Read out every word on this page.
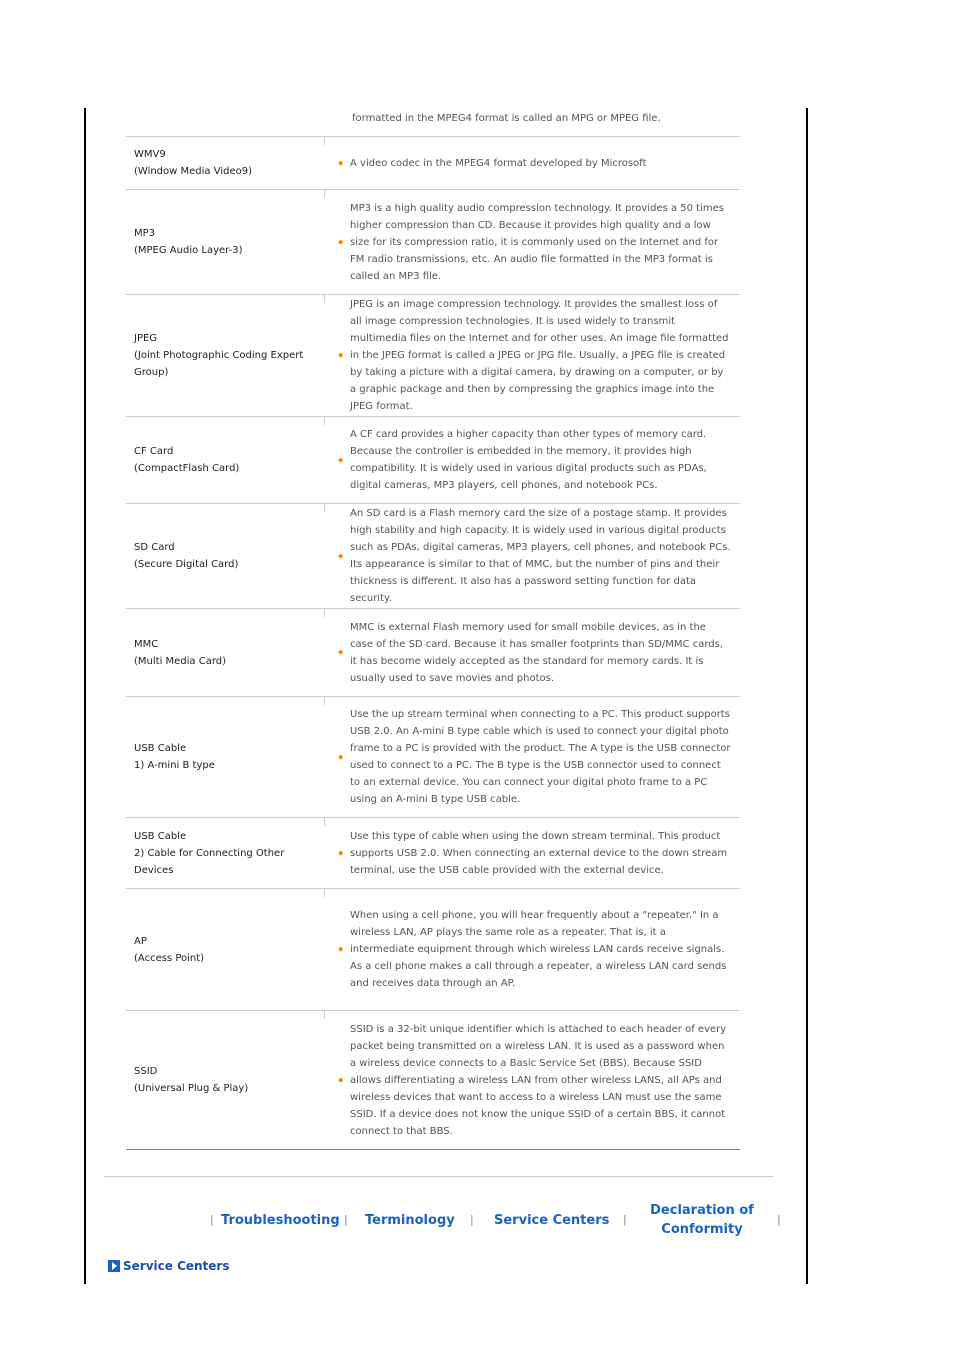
formatted in the MPEG4 format is called an MPG or MPEG file.
WMV9
(Window Media Video9)
◆ A video codec in the MPEG4 format developed by Microsoft
MP3
(MPEG Audio Layer-3)
◆
MP3 is a high quality audio compression technology. It provides a 50 times higher compression than CD. Because it provides high quality and a low size for its compression ratio, it is commonly used on the Internet and for FM radio transmissions, etc. An audio file formatted in the MP3 format is called an MP3 file.
JPEG
(Joint Photographic Coding Expert Group)
◆
JPEG is an image compression technology. It provides the smallest loss of all image compression technologies. It is used widely to transmit multimedia files on the Internet and for other uses. An image file formatted in the JPEG format is called a JPEG or JPG file. Usually, a JPEG file is created by taking a picture with a digital camera, by drawing on a computer, or by a graphic package and then by compressing the graphics image into the JPEG format.
CF Card
(CompactFlash Card)
◆
A CF card provides a higher capacity than other types of memory card. Because the controller is embedded in the memory, it provides high compatibility. It is widely used in various digital products such as PDAs, digital cameras, MP3 players, cell phones, and notebook PCs.
SD Card
(Secure Digital Card)
◆
An SD card is a Flash memory card the size of a postage stamp. It provides high stability and high capacity. It is widely used in various digital products such as PDAs, digital cameras, MP3 players, cell phones, and notebook PCs. Its appearance is similar to that of MMC, but the number of pins and their thickness is different. It also has a password setting function for data security.
MMC
(Multi Media Card)
◆
MMC is external Flash memory used for small mobile devices, as in the case of the SD card. Because it has smaller footprints than SD/MMC cards, it has become widely accepted as the standard for memory cards. It is usually used to save movies and photos.
USB Cable
1) A-mini B type
◆
Use the up stream terminal when connecting to a PC. This product supports USB 2.0. An A-mini B type cable which is used to connect your digital photo frame to a PC is provided with the product. The A type is the USB connector used to connect to a PC. The B type is the USB connector used to connect to an external device. You can connect your digital photo frame to a PC using an A-mini B type USB cable.
USB Cable
2) Cable for Connecting Other Devices
◆
Use this type of cable when using the down stream terminal. This product supports USB 2.0. When connecting an external device to the down stream terminal, use the USB cable provided with the external device.
AP
(Access Point)
◆
When using a cell phone, you will hear frequently about a "repeater." In a wireless LAN, AP plays the same role as a repeater. That is, it a intermediate equipment through which wireless LAN cards receive signals. As a cell phone makes a call through a repeater, a wireless LAN card sends and receives data through an AP.
SSID
(Universal Plug & Play)
◆
SSID is a 32-bit unique identifier which is attached to each header of every packet being transmitted on a wireless LAN. It is used as a password when a wireless device connects to a Basic Service Set (BBS). Because SSID allows differentiating a wireless LAN from other wireless LANS, all APs and wireless devices that want to access to a wireless LAN must use the same SSID. If a device does not know the unique SSID of a certain BBS, it cannot connect to that BBS.
| Troubleshooting | Terminology | Service Centers |
Declaration of
Conformity
|
Service Centers
